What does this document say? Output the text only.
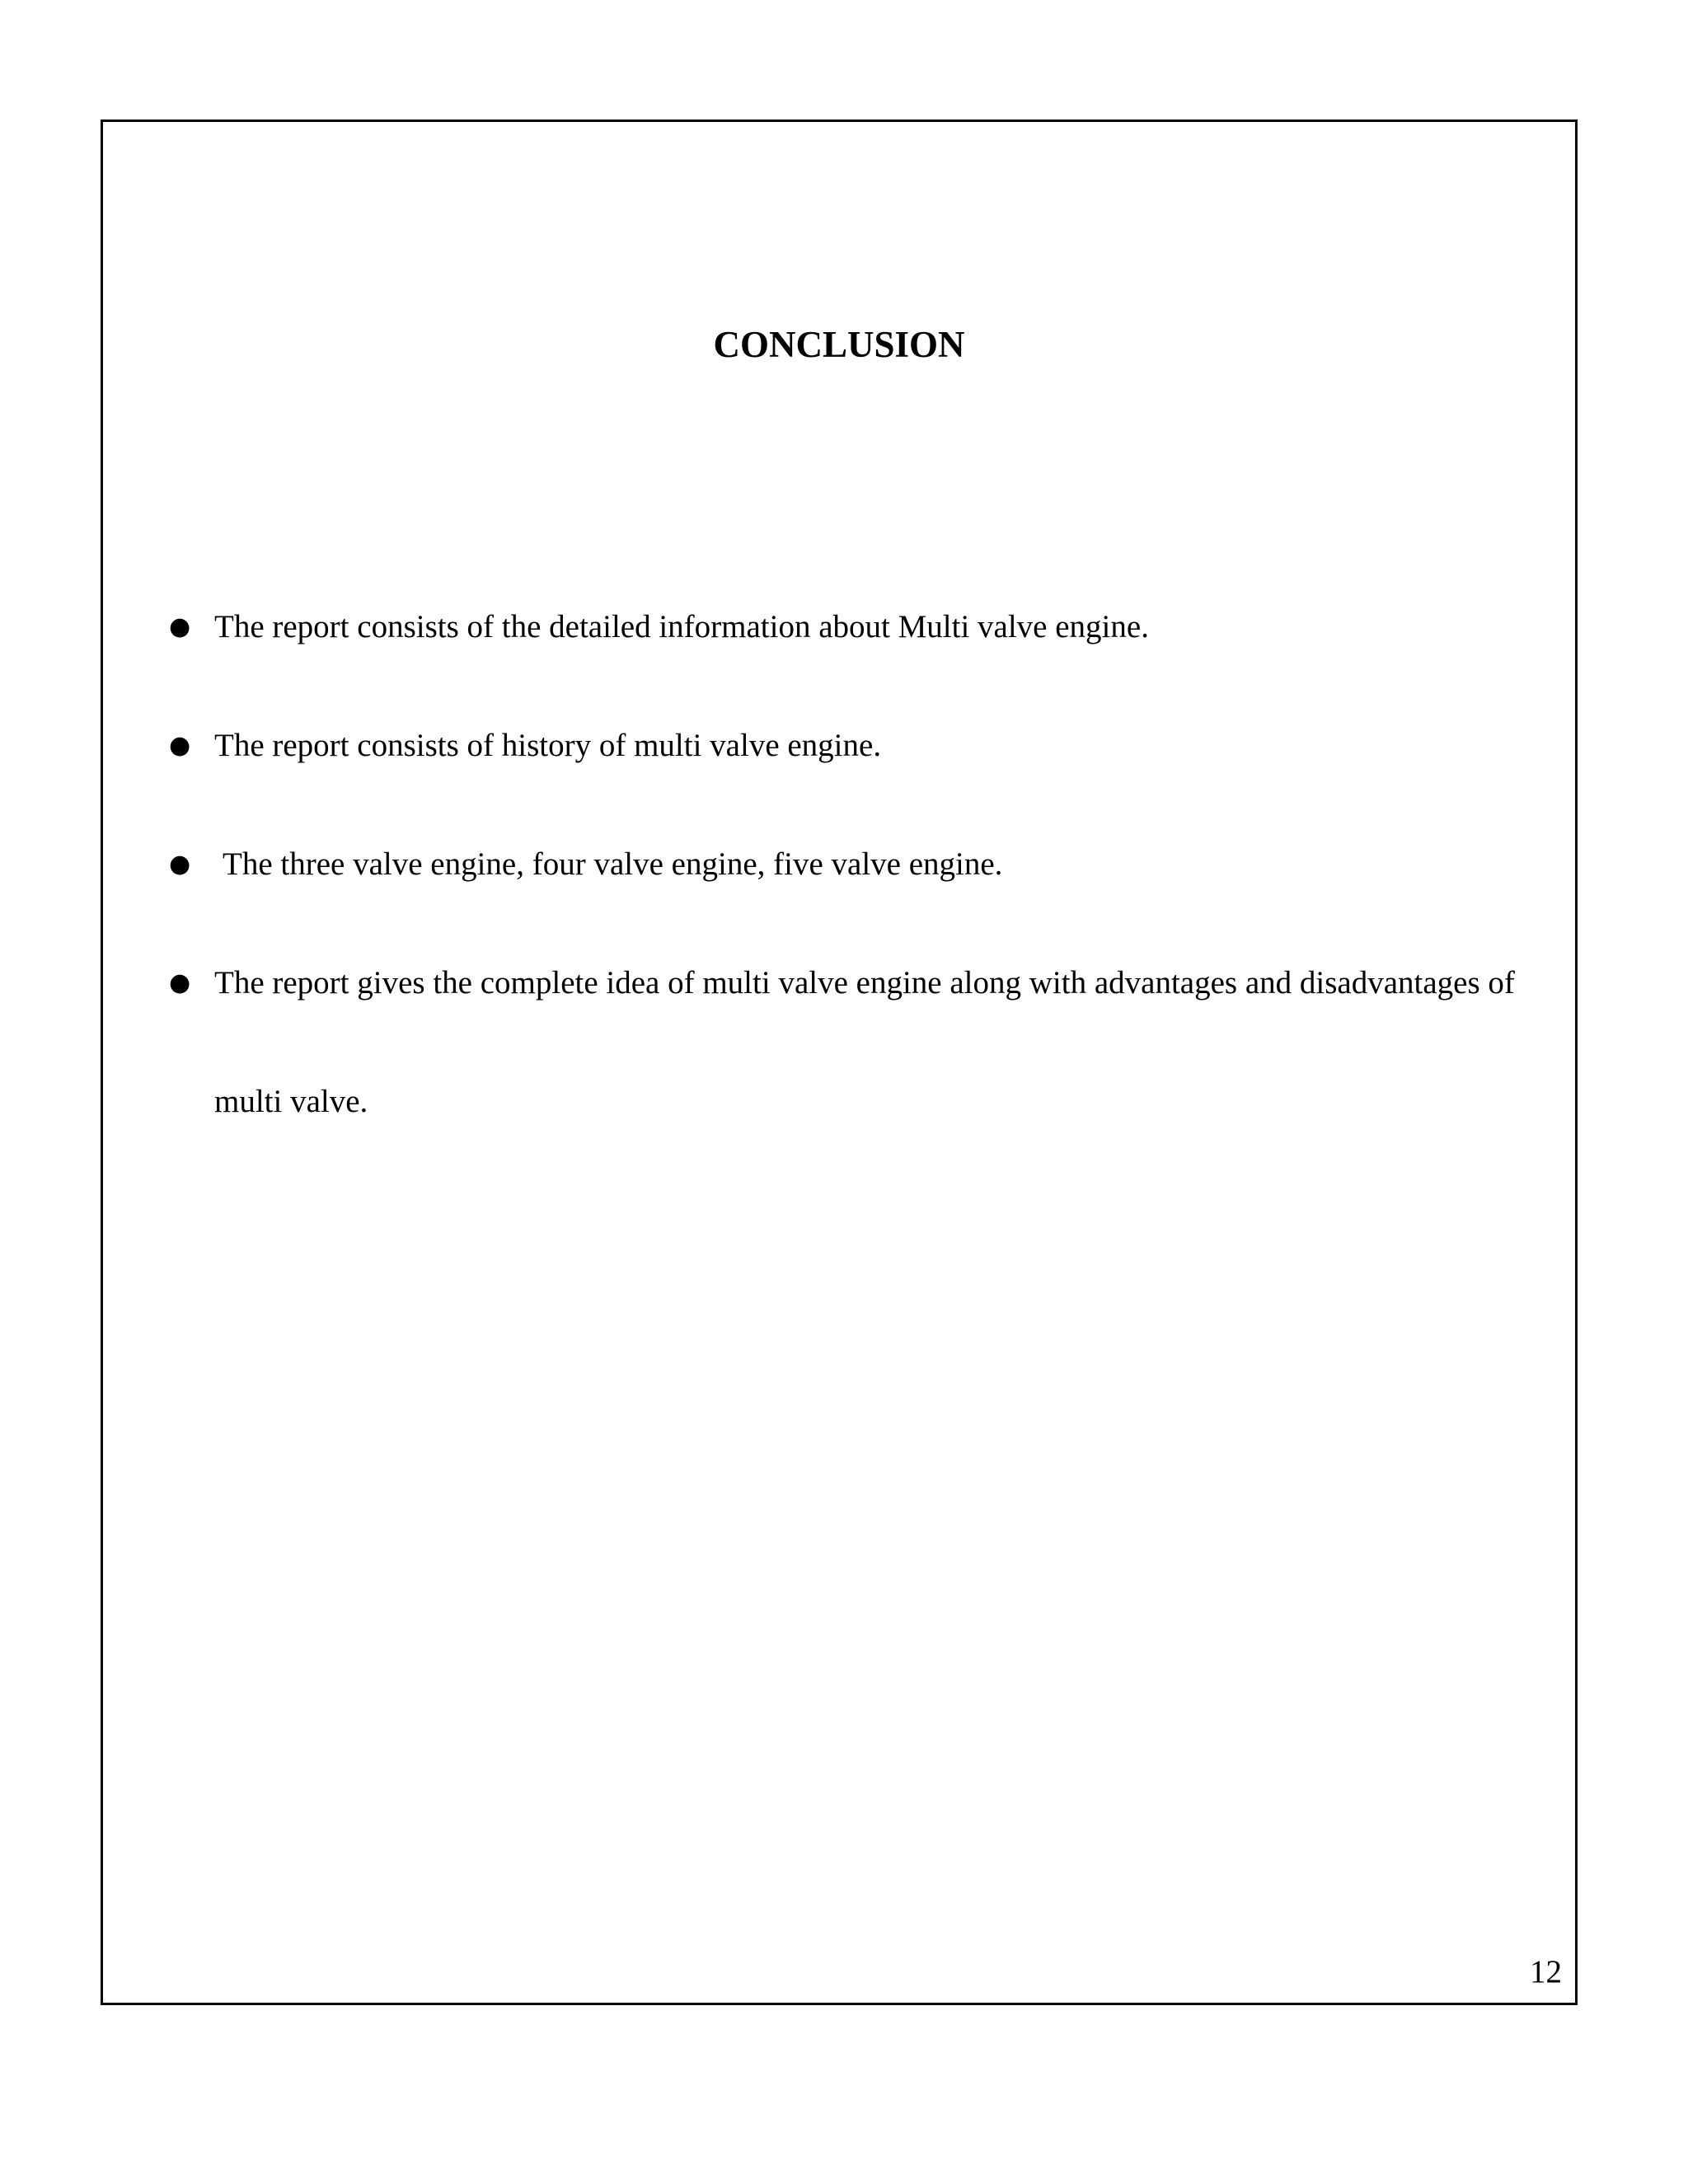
CONCLUSION
● The report consists of the detailed information about Multi valve engine.
● The report consists of history of multi valve engine.
● The three valve engine, four valve engine, five valve engine.
● The report gives the complete idea of multi valve engine along with advantages and disadvantages of multi valve.

12
